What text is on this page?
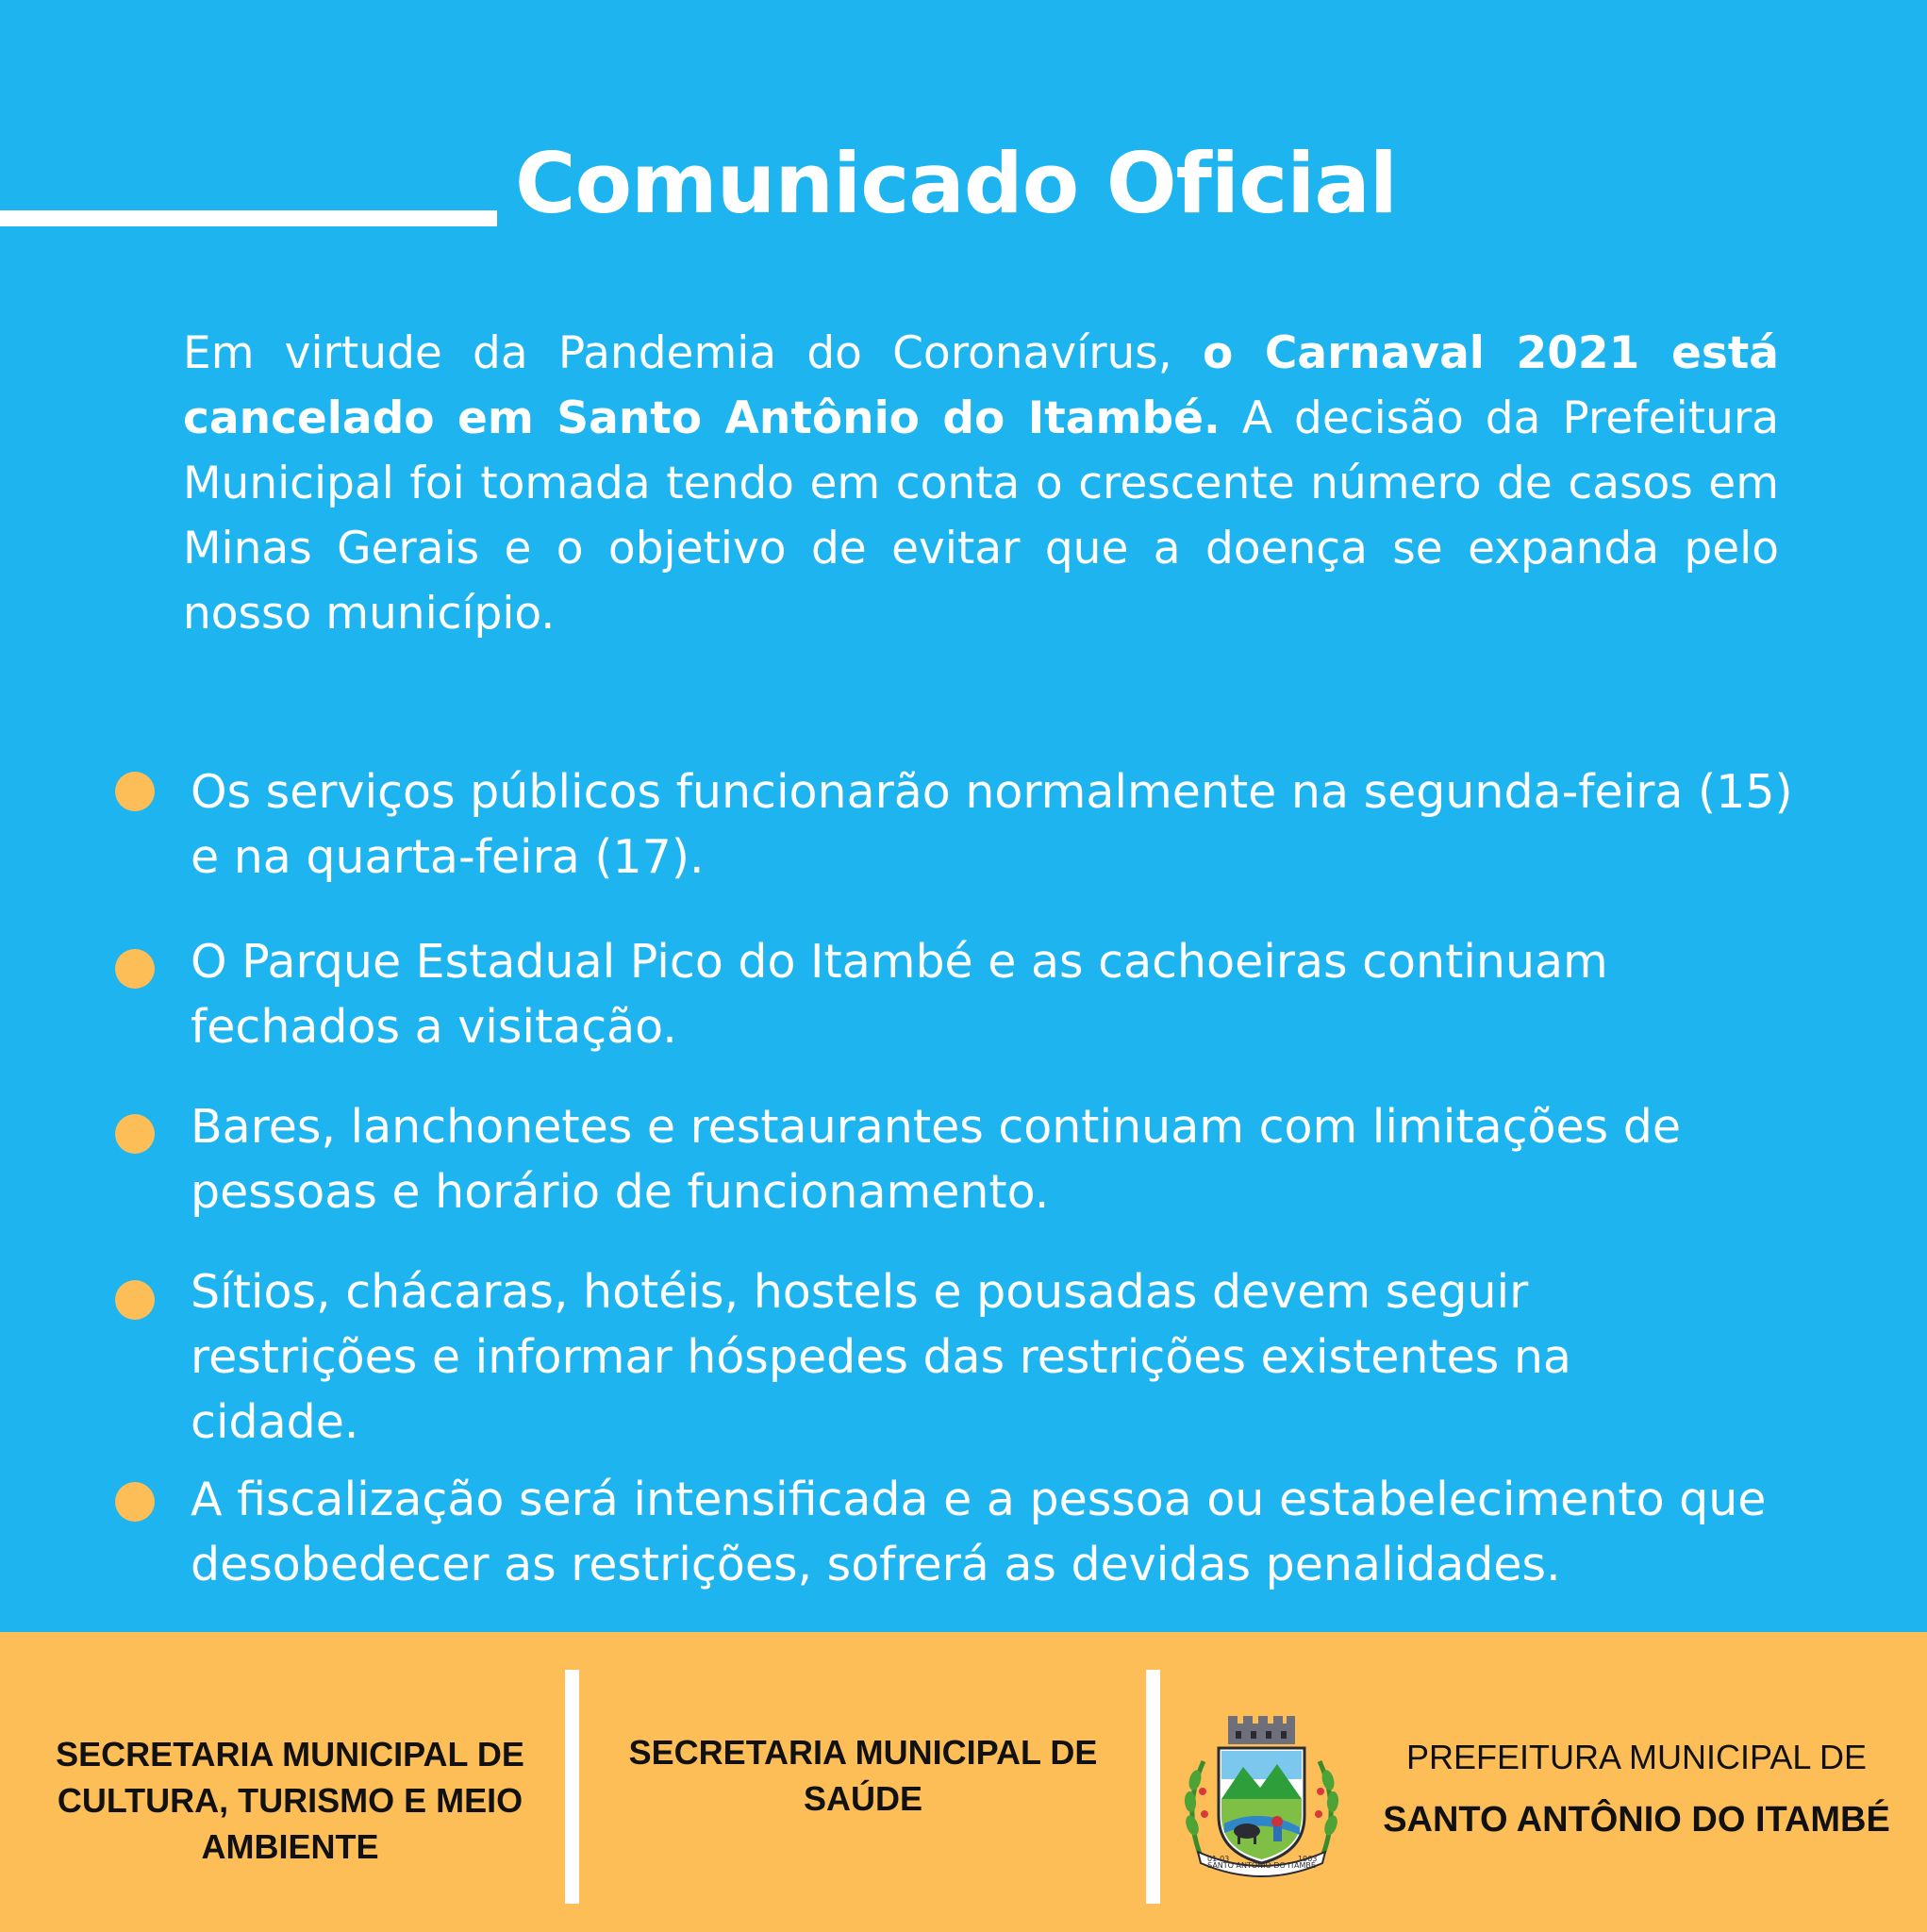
Comunicado Oficial

Em virtude da Pandemia do Coronavírus, o Carnaval 2021 está cancelado em Santo Antônio do Itambé. A decisão da Prefeitura Municipal foi tomada tendo em conta o crescente número de casos em Minas Gerais e o objetivo de evitar que a doença se expanda pelo nosso município.

Os serviços públicos funcionarão normalmente na segunda-feira (15) e na quarta-feira (17).
O Parque Estadual Pico do Itambé e as cachoeiras continuam fechados a visitação.
Bares, lanchonetes e restaurantes continuam com limitações de pessoas e horário de funcionamento.
Sítios, chácaras, hotéis, hostels e pousadas devem seguir restrições e informar hóspedes das restrições existentes na cidade.
A fiscalização será intensificada e a pessoa ou estabelecimento que desobedecer as restrições, sofrerá as devidas penalidades.
SECRETARIA MUNICIPAL DE CULTURA, TURISMO E MEIO AMBIENTE
SECRETARIA MUNICIPAL DE SAÚDE
SANTO ANTÔNIO DO ITAMBÉ
01-03	1963
PREFEITURA MUNICIPAL DE
SANTO ANTÔNIO DO ITAMBÉ
